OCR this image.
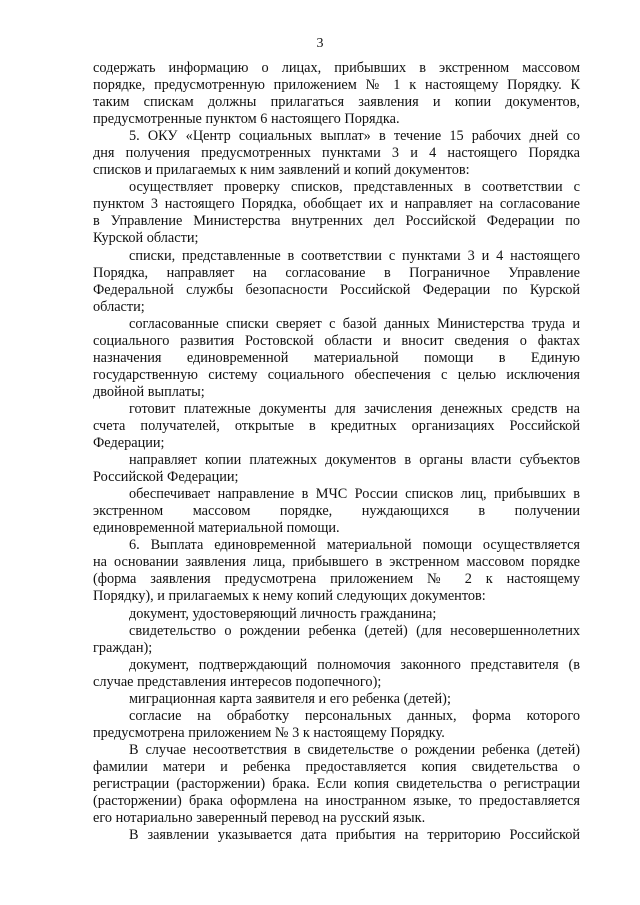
3
содержать информацию о лицах, прибывших в экстренном массовом
порядке, предусмотренную приложением № 1 к настоящему Порядку. К
таким спискам должны прилагаться заявления и копии документов,
предусмотренные пунктом 6 настоящего Порядка.
5. ОКУ «Центр социальных выплат» в течение 15 рабочих дней со
дня получения предусмотренных пунктами 3 и 4 настоящего Порядка
списков и прилагаемых к ним заявлений и копий документов:
осуществляет проверку списков, представленных в соответствии с
пунктом 3 настоящего Порядка, обобщает их и направляет на согласование
в Управление Министерства внутренних дел Российской Федерации по
Курской области;
списки, представленные в соответствии с пунктами 3 и 4 настоящего
Порядка, направляет на согласование в Пограничное Управление
Федеральной службы безопасности Российской Федерации по Курской
области;
согласованные списки сверяет с базой данных Министерства труда и
социального развития Ростовской области и вносит сведения о фактах
назначения единовременной материальной помощи в Единую
государственную систему социального обеспечения с целью исключения
двойной выплаты;
готовит платежные документы для зачисления денежных средств на
счета получателей, открытые в кредитных организациях Российской
Федерации;
направляет копии платежных документов в органы власти субъектов
Российской Федерации;
обеспечивает направление в МЧС России списков лиц, прибывших в
экстренном массовом порядке, нуждающихся в получении
единовременной материальной помощи.
6. Выплата единовременной материальной помощи осуществляется
на основании заявления лица, прибывшего в экстренном массовом порядке
(форма заявления предусмотрена приложением № 2 к настоящему
Порядку), и прилагаемых к нему копий следующих документов:
документ, удостоверяющий личность гражданина;
свидетельство о рождении ребенка (детей) (для несовершеннолетних
граждан);
документ, подтверждающий полномочия законного представителя (в
случае представления интересов подопечного);
миграционная карта заявителя и его ребенка (детей);
согласие на обработку персональных данных, форма которого
предусмотрена приложением № 3 к настоящему Порядку.
В случае несоответствия в свидетельстве о рождении ребенка (детей)
фамилии матери и ребенка предоставляется копия свидетельства о
регистрации (расторжении) брака. Если копия свидетельства о регистрации
(расторжении) брака оформлена на иностранном языке, то предоставляется
его нотариально заверенный перевод на русский язык.
В заявлении указывается дата прибытия на территорию Российской
